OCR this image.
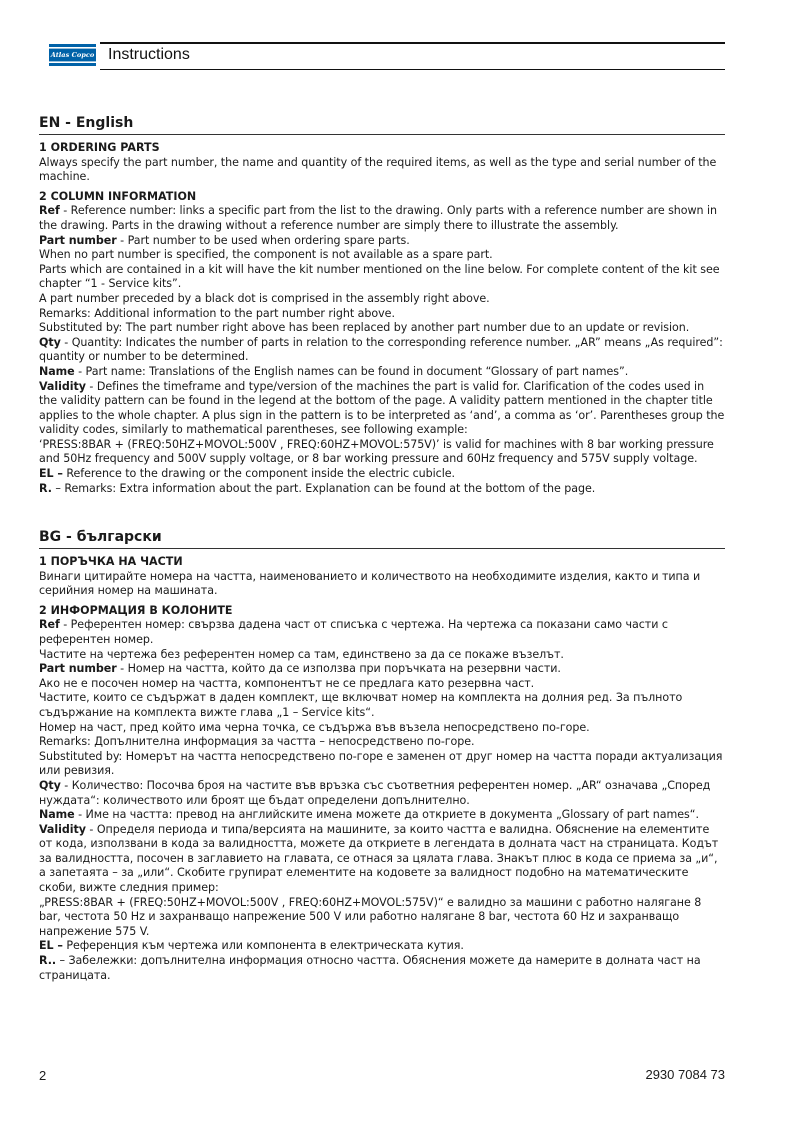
Atlas Copco Instructions
EN - English
1 ORDERING PARTS

Always specify the part number, the name and quantity of the required items, as well as the type and serial number of the machine.

2 COLUMN INFORMATION

Ref - Reference number: links a specific part from the list to the drawing. Only parts with a reference number are shown in the drawing. Parts in the drawing without a reference number are simply there to illustrate the assembly.

Part number - Part number to be used when ordering spare parts.

When no part number is specified, the component is not available as a spare part.

Parts which are contained in a kit will have the kit number mentioned on the line below. For complete content of the kit see chapter “1 - Service kits”.

A part number preceded by a black dot is comprised in the assembly right above.

Remarks: Additional information to the part number right above.

Substituted by: The part number right above has been replaced by another part number due to an update or revision.

Qty - Quantity: Indicates the number of parts in relation to the corresponding reference number. „AR” means „As required”: quantity or number to be determined.

Name - Part name: Translations of the English names can be found in document “Glossary of part names”.

Validity - Defines the timeframe and type/version of the machines the part is valid for. Clarification of the codes used in the validity pattern can be found in the legend at the bottom of the page. A validity pattern mentioned in the chapter title applies to the whole chapter. A plus sign in the pattern is to be interpreted as ‘and’, a comma as ‘or’. Parentheses group the validity codes, similarly to mathematical parentheses, see following example:

‘PRESS:8BAR + (FREQ:50HZ+MOVOL:500V , FREQ:60HZ+MOVOL:575V)’ is valid for machines with 8 bar working pressure and 50Hz frequency and 500V supply voltage, or 8 bar working pressure and 60Hz frequency and 575V supply voltage.

EL – Reference to the drawing or the component inside the electric cubicle.

R. – Remarks: Extra information about the part. Explanation can be found at the bottom of the page.

BG - български
1 ПОРЪЧКА НА ЧАСТИ

Винаги цитирайте номера на частта, наименованието и количеството на необходимите изделия, както и типа и серийния номер на машината.

2 ИНФОРМАЦИЯ В КОЛОНИТЕ

Ref - Референтен номер: свързва дадена част от списъка с чертежа. На чертежа са показани само части с референтен номер.

Частите на чертежа без референтен номер са там, единствено за да се покаже възелът.

Part number - Номер на частта, който да се използва при поръчката на резервни части.

Ако не е посочен номер на частта, компонентът не се предлага като резервна част.

Частите, които се съдържат в даден комплект, ще включват номер на комплекта на долния ред. За пълното съдържание на комплекта вижте глава „1 – Service kits“.

Номер на част, пред който има черна точка, се съдържа във възела непосредствено по-горе.

Remarks: Допълнителна информация за частта – непосредствено по-горе.

Substituted by: Номерът на частта непосредствено по-горе е заменен от друг номер на частта поради актуализация или ревизия.

Qty - Количество: Посочва броя на частите във връзка със съответния референтен номер. „AR“ означава „Според нуждата“: количеството или броят ще бъдат определени допълнително.

Name - Име на частта: превод на английските имена можете да откриете в документа „Glossary of part names“.

Validity - Определя периода и типа/версията на машините, за които частта е валидна. Обяснение на елементите от кода, използвани в кода за валидността, можете да откриете в легендата в долната част на страницата. Кодът за валидността, посочен в заглавието на главата, се отнася за цялата глава. Знакът плюс в кода се приема за „и“, а запетаята – за „или“. Скобите групират елементите на кодовете за валидност подобно на математическите скоби, вижте следния пример:

„PRESS:8BAR + (FREQ:50HZ+MOVOL:500V , FREQ:60HZ+MOVOL:575V)“ е валидно за машини с работно налягане 8 bar, честота 50 Hz и захранващо напрежение 500 V или работно налягане 8 bar, честота 60 Hz и захранващо напрежение 575 V.

EL – Референция към чертежа или компонента в електрическата кутия.

R.. – Забележки: допълнителна информация относно частта. Обяснения можете да намерите в долната част на страницата.

2	2930 7084 73
